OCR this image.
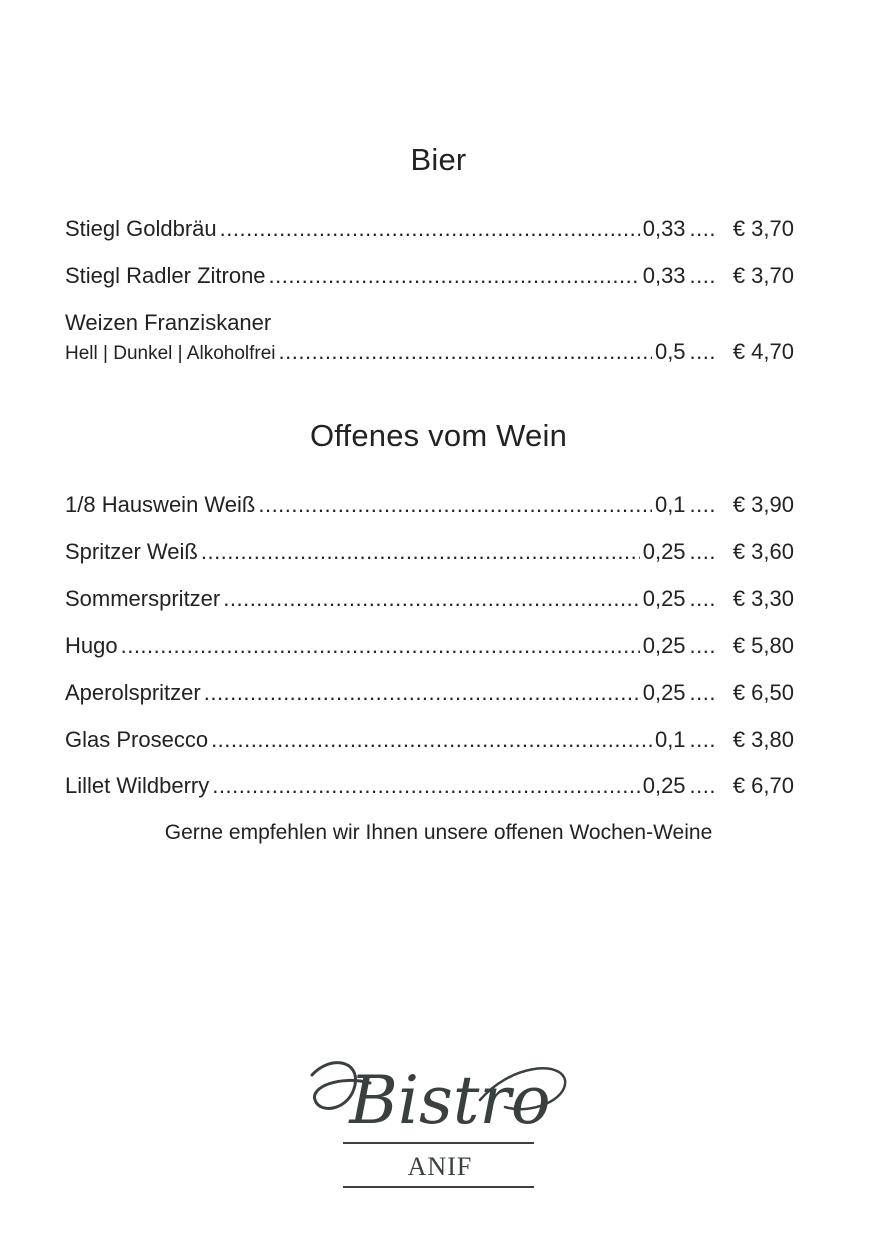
Bier
Stiegl Goldbräu .....	0,33 .... € 3,70
Stiegl Radler Zitrone .....	0,33 .... € 3,70
Weizen Franziskaner
Hell | Dunkel | Alkoholfrei .....	0,5 .... € 4,70
Offenes vom Wein
1/8 Hauswein Weiß .....	0,1 .... € 3,90
Spritzer Weiß .....	0,25 .... € 3,60
Sommerspritzer .....	0,25 .... € 3,30
Hugo .....	0,25 .... € 5,80
Aperolspritzer .....	0,25 .... € 6,50
Glas Prosecco .....	0,1 .... € 3,80
Lillet Wildberry .....	0,25 .... € 6,70
Gerne empfehlen wir Ihnen unsere offenen Wochen-Weine
Bistro
ANIF
